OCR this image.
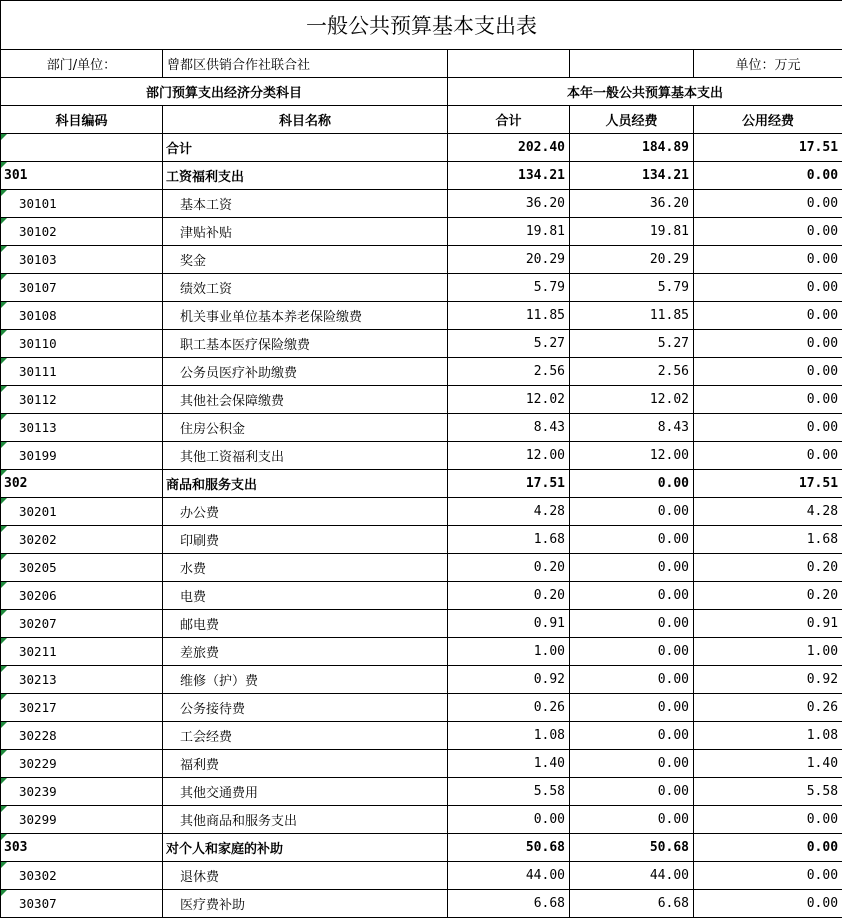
一般公共预算基本支出表				
部门/单位：	曾都区供销合作社联合社			单位：万元
部门预算支出经济分类科目		本年一般公共预算基本支出		
科目编码	科目名称	合计	人员经费	公用经费

	合计	202.40	184.89	17.51

301	工资福利支出	134.21	134.21	0.00

30101	基本工资	36.20	36.20	0.00

30102	津贴补贴	19.81	19.81	0.00

30103	奖金	20.29	20.29	0.00

30107	绩效工资	5.79	5.79	0.00

30108	机关事业单位基本养老保险缴费	11.85	11.85	0.00

30110	职工基本医疗保险缴费	5.27	5.27	0.00

30111	公务员医疗补助缴费	2.56	2.56	0.00

30112	其他社会保障缴费	12.02	12.02	0.00

30113	住房公积金	8.43	8.43	0.00

30199	其他工资福利支出	12.00	12.00	0.00

302	商品和服务支出	17.51	0.00	17.51

30201	办公费	4.28	0.00	4.28

30202	印刷费	1.68	0.00	1.68

30205	水费	0.20	0.00	0.20

30206	电费	0.20	0.00	0.20

30207	邮电费	0.91	0.00	0.91

30211	差旅费	1.00	0.00	1.00

30213	维修（护）费	0.92	0.00	0.92

30217	公务接待费	0.26	0.00	0.26

30228	工会经费	1.08	0.00	1.08

30229	福利费	1.40	0.00	1.40

30239	其他交通费用	5.58	0.00	5.58

30299	其他商品和服务支出	0.00	0.00	0.00

303	对个人和家庭的补助	50.68	50.68	0.00

30302	退休费	44.00	44.00	0.00

30307	医疗费补助	6.68	6.68	0.00
